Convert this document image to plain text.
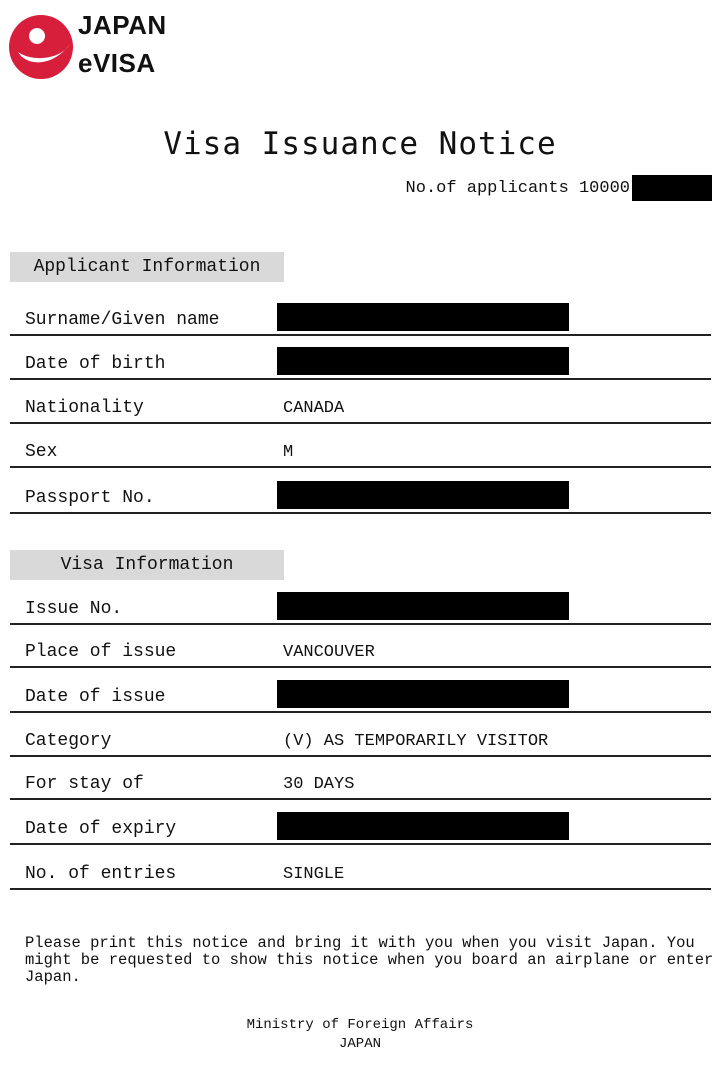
JAPAN
eVISA
Visa Issuance Notice
No.of applicants
10000
Applicant Information
Surname/Given name
Date of birth
Nationality	CANADA
Sex	M
Passport No.
Visa Information
Issue No.
Place of issue	VANCOUVER
Date of issue
Category	(V) AS TEMPORARILY VISITOR
For stay of	30 DAYS
Date of expiry
No. of entries	SINGLE
Please print this notice and bring it with you when you visit Japan. You might be requested to show this notice when you board an airplane or enter Japan.
Ministry of Foreign Affairs
JAPAN
